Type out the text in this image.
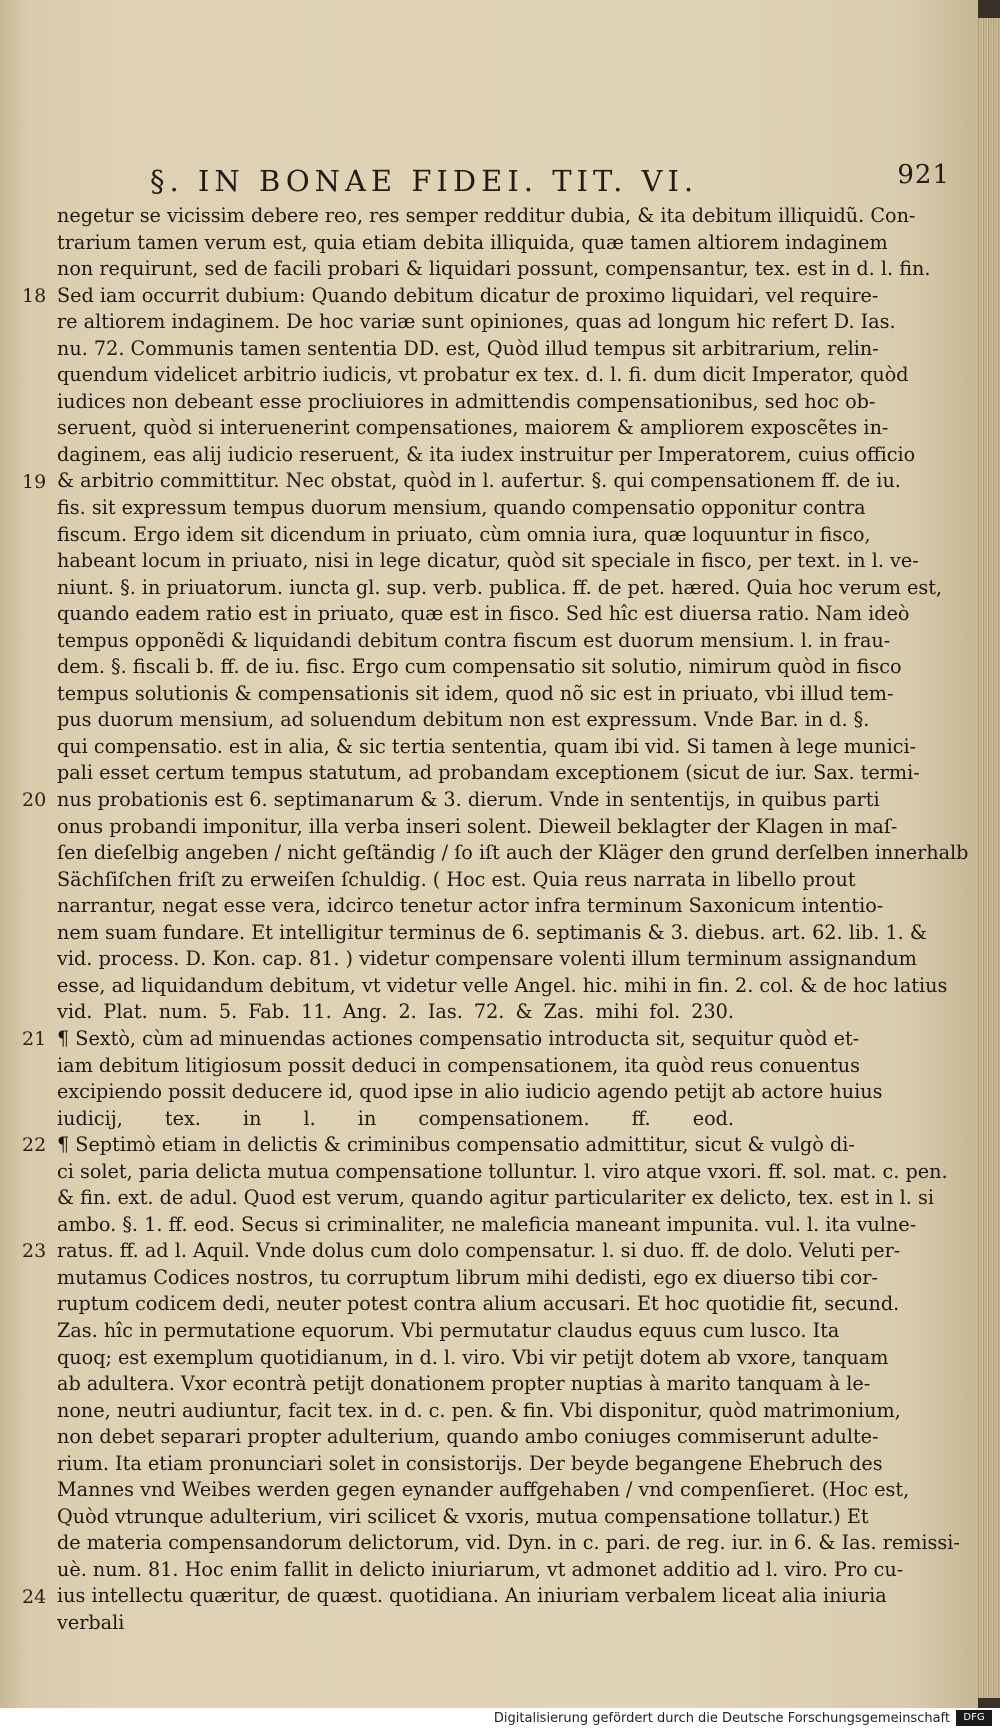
§. IN BONAE FIDEI. TIT. VI.	921
negetur se vicissim debere reo, res semper redditur dubia, & ita debitum illiquidũ. Con-
trarium tamen verum est, quia etiam debita illiquida, quæ tamen altiorem indaginem
non requirunt, sed de facili probari & liquidari possunt, compensantur, tex. est in d. l. fin.
Sed iam occurrit dubium: Quando debitum dicatur de proximo liquidari, vel require-
re altiorem indaginem. De hoc variæ sunt opiniones, quas ad longum hic refert D. Ias.
nu. 72. Communis tamen sententia DD. est, Quòd illud tempus sit arbitrarium, relin-
quendum videlicet arbitrio iudicis, vt probatur ex tex. d. l. fi. dum dicit Imperator, quòd
iudices non debeant esse procliuiores in admittendis compensationibus, sed hoc ob-
seruent, quòd si interuenerint compensationes, maiorem & ampliorem exposcẽtes in-
daginem, eas alij iudicio reseruent, & ita iudex instruitur per Imperatorem, cuius officio
& arbitrio committitur. Nec obstat, quòd in l. aufertur. §. qui compensationem ff. de iu.
fis. sit expressum tempus duorum mensium, quando compensatio opponitur contra
fiscum. Ergo idem sit dicendum in priuato, cùm omnia iura, quæ loquuntur in fisco,
habeant locum in priuato, nisi in lege dicatur, quòd sit speciale in fisco, per text. in l. ve-
niunt. §. in priuatorum. iuncta gl. sup. verb. publica. ff. de pet. hæred. Quia hoc verum est,
quando eadem ratio est in priuato, quæ est in fisco. Sed hîc est diuersa ratio. Nam ideò
tempus opponẽdi & liquidandi debitum contra fiscum est duorum mensium. l. in frau-
dem. §. fiscali b. ff. de iu. fisc. Ergo cum compensatio sit solutio, nimirum quòd in fisco
tempus solutionis & compensationis sit idem, quod nõ sic est in priuato, vbi illud tem-
pus duorum mensium, ad soluendum debitum non est expressum. Vnde Bar. in d. §.
qui compensatio. est in alia, & sic tertia sententia, quam ibi vid. Si tamen à lege munici-
pali esset certum tempus statutum, ad probandam exceptionem (sicut de iur. Sax. termi-
nus probationis est 6. septimanarum & 3. dierum. Vnde in sententijs, in quibus parti
onus probandi imponitur, illa verba inseri solent. Dieweil beklagter der Klagen in maſ-
ſen dieſelbig angeben / nicht geſtändig / ſo iſt auch der Kläger den grund derſelben innerhalb
Sächſiſchen friſt zu erweiſen ſchuldig. ( Hoc est. Quia reus narrata in libello prout
narrantur, negat esse vera, idcirco tenetur actor infra terminum Saxonicum intentio-
nem suam fundare. Et intelligitur terminus de 6. septimanis & 3. diebus. art. 62. lib. 1. &
vid. process. D. Kon. cap. 81. ) videtur compensare volenti illum terminum assignandum
esse, ad liquidandum debitum, vt videtur velle Angel. hic. mihi in fin. 2. col. & de hoc latius
vid. Plat. num. 5. Fab. 11. Ang. 2. Ias. 72. & Zas. mihi fol. 230.
¶ Sextò, cùm ad minuendas actiones compensatio introducta sit, sequitur quòd et-
iam debitum litigiosum possit deduci in compensationem, ita quòd reus conuentus
excipiendo possit deducere id, quod ipse in alio iudicio agendo petijt ab actore huius
iudicij, tex. in l. in compensationem. ff. eod.
¶ Septimò etiam in delictis & criminibus compensatio admittitur, sicut & vulgò di-
ci solet, paria delicta mutua compensatione tolluntur. l. viro atque vxori. ff. sol. mat. c. pen.
& fin. ext. de adul. Quod est verum, quando agitur particulariter ex delicto, tex. est in l. si
ambo. §. 1. ff. eod. Secus si criminaliter, ne maleficia maneant impunita. vul. l. ita vulne-
ratus. ff. ad l. Aquil. Vnde dolus cum dolo compensatur. l. si duo. ff. de dolo. Veluti per-
mutamus Codices nostros, tu corruptum librum mihi dedisti, ego ex diuerso tibi cor-
ruptum codicem dedi, neuter potest contra alium accusari. Et hoc quotidie fit, secund.
Zas. hîc in permutatione equorum. Vbi permutatur claudus equus cum lusco. Ita
quoq; est exemplum quotidianum, in d. l. viro. Vbi vir petijt dotem ab vxore, tanquam
ab adultera. Vxor econtrà petijt donationem propter nuptias à marito tanquam à le-
none, neutri audiuntur, facit tex. in d. c. pen. & fin. Vbi disponitur, quòd matrimonium,
non debet separari propter adulterium, quando ambo coniuges commiserunt adulte-
rium. Ita etiam pronunciari solet in consistorijs. Der beyde begangene Ehebruch des
Mannes vnd Weibes werden gegen eynander auffgehaben / vnd compenſieret. (Hoc est,
Quòd vtrunque adulterium, viri scilicet & vxoris, mutua compensatione tollatur.) Et
de materia compensandorum delictorum, vid. Dyn. in c. pari. de reg. iur. in 6. & Ias. remissi-
uè. num. 81. Hoc enim fallit in delicto iniuriarum, vt admonet additio ad l. viro. Pro cu-
ius intellectu quæritur, de quæst. quotidiana. An iniuriam verbalem liceat alia iniuria
verbali
18
19
20
21
22
23
24
Digitalisierung gefördert durch die Deutsche Forschungsgemeinschaft	DFG
